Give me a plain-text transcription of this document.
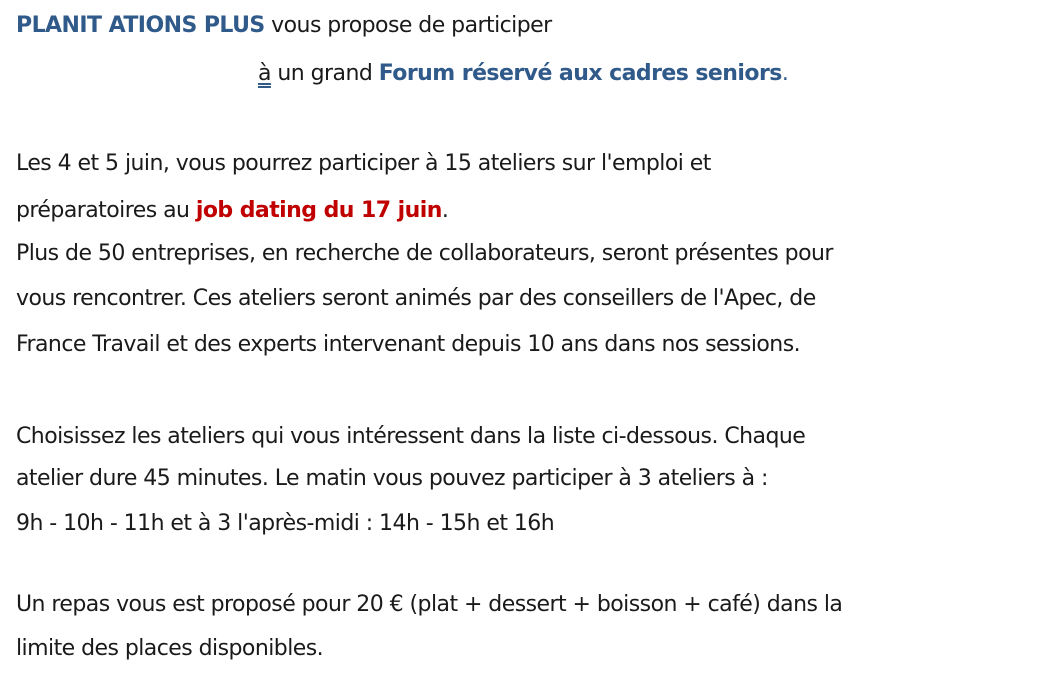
PLANIT ATIONS PLUS vous propose de participer
à un grand Forum réservé aux cadres seniors.
Les 4 et 5 juin, vous pourrez participer à 15 ateliers sur l'emploi et
préparatoires au job dating du 17 juin.
Plus de 50 entreprises, en recherche de collaborateurs, seront présentes pour
vous rencontrer. Ces ateliers seront animés par des conseillers de l'Apec, de
France Travail et des experts intervenant depuis 10 ans dans nos sessions.
Choisissez les ateliers qui vous intéressent dans la liste ci-dessous. Chaque
atelier dure 45 minutes. Le matin vous pouvez participer à 3 ateliers à :
9h - 10h - 11h et à 3 l'après-midi : 14h - 15h et 16h
Un repas vous est proposé pour 20 € (plat + dessert + boisson + café) dans la
limite des places disponibles.
